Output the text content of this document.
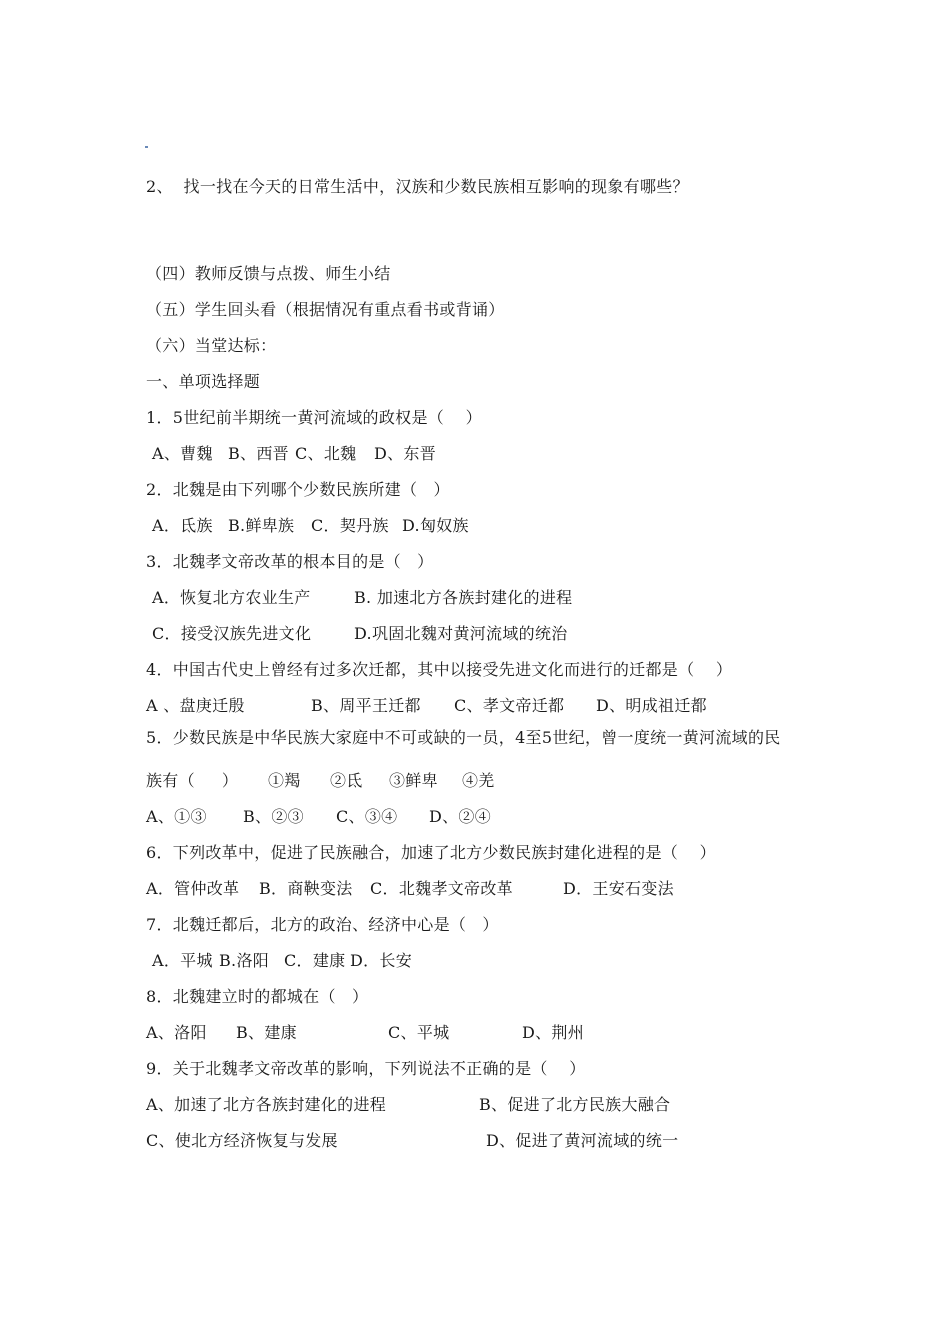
2、  找一找在今天的日常生活中，汉族和少数民族相互影响的现象有哪些？
（四）教师反馈与点拨、师生小结
（五）学生回头看（根据情况有重点看书或背诵）
（六）当堂达标：
一、单项选择题
1．5世纪前半期统一黄河流域的政权是（    ）
A、曹魏 B、西晋 C、北魏 D、东晋
2．北魏是由下列哪个少数民族所建（   ）
A．氐族 B.鲜卑族 C．契丹族 D.匈奴族
3．北魏孝文帝改革的根本目的是（   ）
A．恢复北方农业生产	B. 加速北方各族封建化的进程
C．接受汉族先进文化	D.巩固北魏对黄河流域的统治
4．中国古代史上曾经有过多次迁都，其中以接受先进文化而进行的迁都是（    ）
A 、盘庚迁殷	B、周平王迁都 C、孝文帝迁都 D、明成祖迁都
5．少数民族是中华民族大家庭中不可或缺的一员，4至5世纪，曾一度统一黄河流域的民
族有（     ） ①羯 ②氐 ③鲜卑 ④羌
A、①③ B、②③ C、③④ D、②④
6．下列改革中，促进了民族融合，加速了北方少数民族封建化进程的是（    ）
A．管仲改革 B．商鞅变法 C．北魏孝文帝改革	D．王安石变法
7．北魏迁都后，北方的政治、经济中心是（   ）
A．平城 B.洛阳 C．建康 D．长安
8．北魏建立时的都城在（   ）
A、洛阳 B、建康	C、平城	D、荆州
9．关于北魏孝文帝改革的影响，下列说法不正确的是（    ）
A、加速了北方各族封建化的进程	B、促进了北方民族大融合
C、使北方经济恢复与发展	D、促进了黄河流域的统一
